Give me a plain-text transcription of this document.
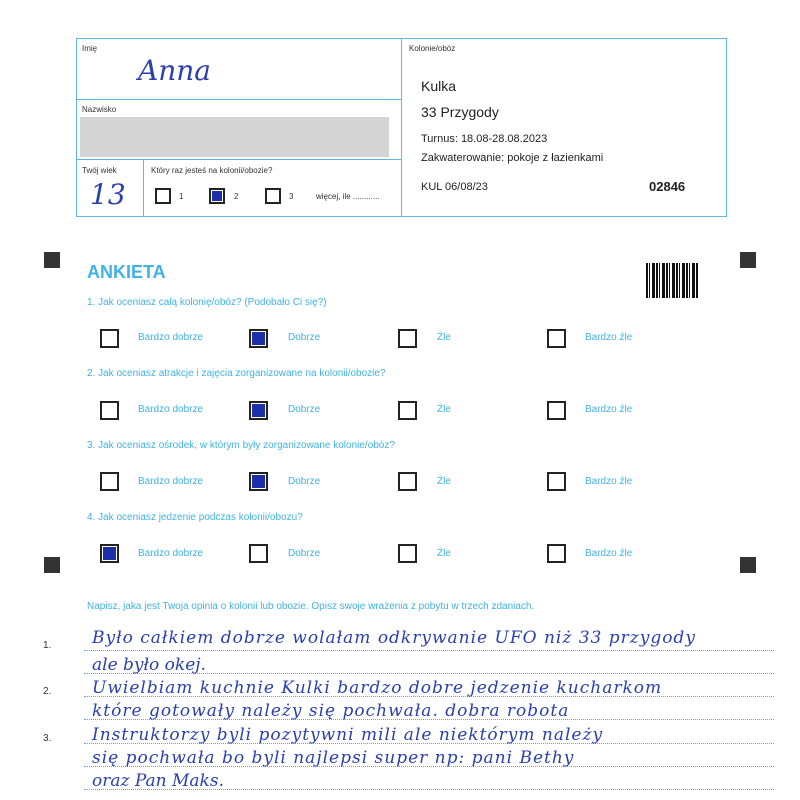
Imię
Anna
Nazwisko
Twój wiek
13
Który raz jesteś na kolonii/obozie?
1	2	3	więcej, ile ............
Kolonie/obóz
Kulka
33 Przygody
Turnus: 18.08-28.08.2023
Zakwaterowanie: pokoje z łazienkami
KUL 06/08/23	02846
ANKIETA
1. Jak oceniasz całą kolonię/obóz? (Podobało Ci się?)
Bardzo dobrze	Dobrze	Źle	Bardzo źle
2. Jak oceniasz atrakcje i zajęcia zorganizowane na kolonii/obozie?
Bardzo dobrze	Dobrze	Źle	Bardzo źle
3. Jak oceniasz ośrodek, w którym były zorganizowane kolonie/obóz?
Bardzo dobrze	Dobrze	Źle	Bardzo źle
4. Jak oceniasz jedzenie podczas kolonii/obozu?
Bardzo dobrze	Dobrze	Źle	Bardzo źle
Napisz, jaka jest Twoja opinia o kolonii lub obozie. Opisz swoje wrażenia z pobytu w trzech zdaniach.
1.
2.
3.
Było całkiem dobrze wolałam odkrywanie UFO niż 33 przygody
ale było okej.
Uwielbiam kuchnie Kulki bardzo dobre jedzenie kucharkom
które gotowały należy się pochwała. dobra robota
Instruktorzy byli pozytywni mili ale niektórym należy
się pochwała bo byli najlepsi super np: pani Bethy
oraz Pan Maks.
